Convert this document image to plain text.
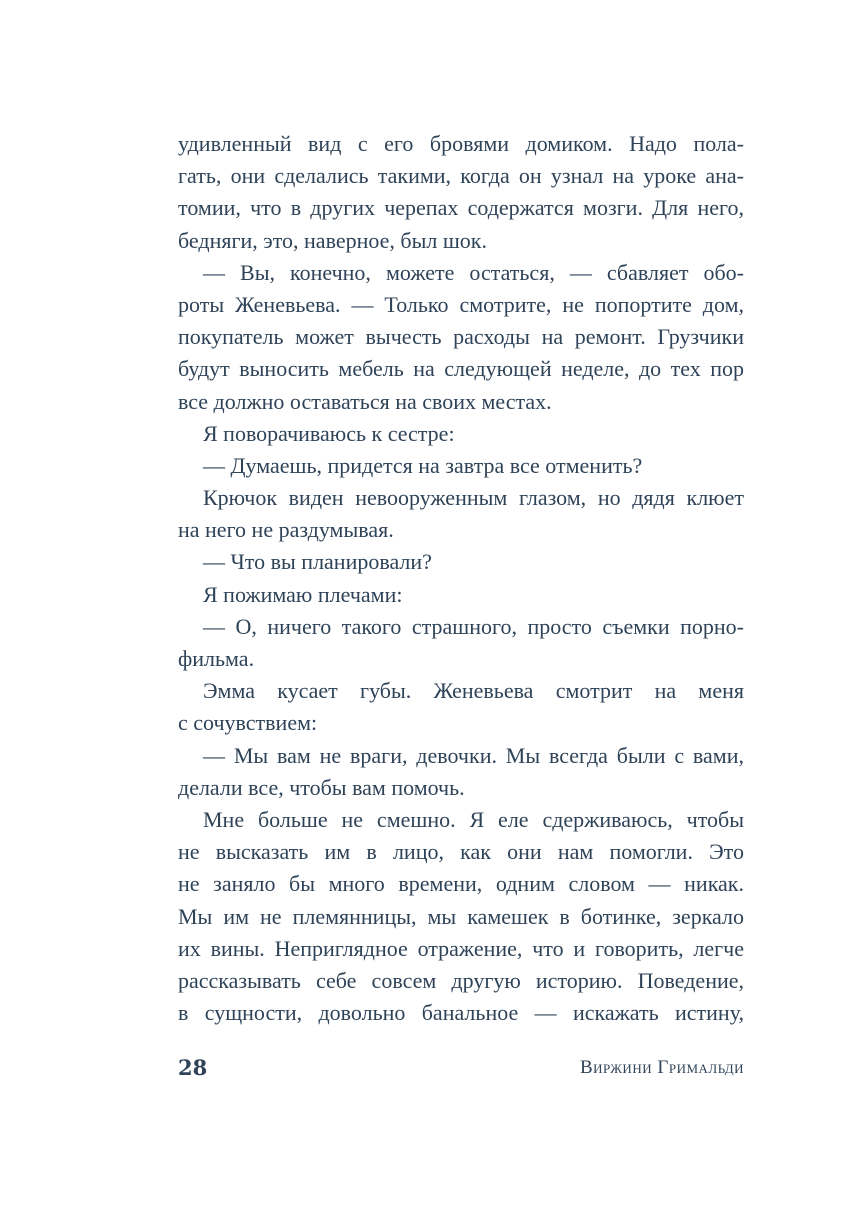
удивленный вид с его бровями домиком. Надо пола-
гать, они сделались такими, когда он узнал на уроке ана-
томии, что в других черепах содержатся мозги. Для него,
бедняги, это, наверное, был шок.
— Вы, конечно, можете остаться, — сбавляет обо-
роты Женевьева. — Только смотрите, не попортите дом,
покупатель может вычесть расходы на ремонт. Грузчики
будут выносить мебель на следующей неделе, до тех пор
все должно оставаться на своих местах.
Я поворачиваюсь к сестре:
— Думаешь, придется на завтра все отменить?
Крючок виден невооруженным глазом, но дядя клюет
на него не раздумывая.
— Что вы планировали?
Я пожимаю плечами:
— О, ничего такого страшного, просто съемки порно-
фильма.
Эмма кусает губы. Женевьева смотрит на меня
с сочувствием:
— Мы вам не враги, девочки. Мы всегда были с вами,
делали все, чтобы вам помочь.
Мне больше не смешно. Я еле сдерживаюсь, чтобы
не высказать им в лицо, как они нам помогли. Это
не заняло бы много времени, одним словом — никак.
Мы им не племянницы, мы камешек в ботинке, зеркало
их вины. Неприглядное отражение, что и говорить, легче
рассказывать себе совсем другую историю. Поведение,
в сущности, довольно банальное — искажать истину,
28	Виржини Гримальди
